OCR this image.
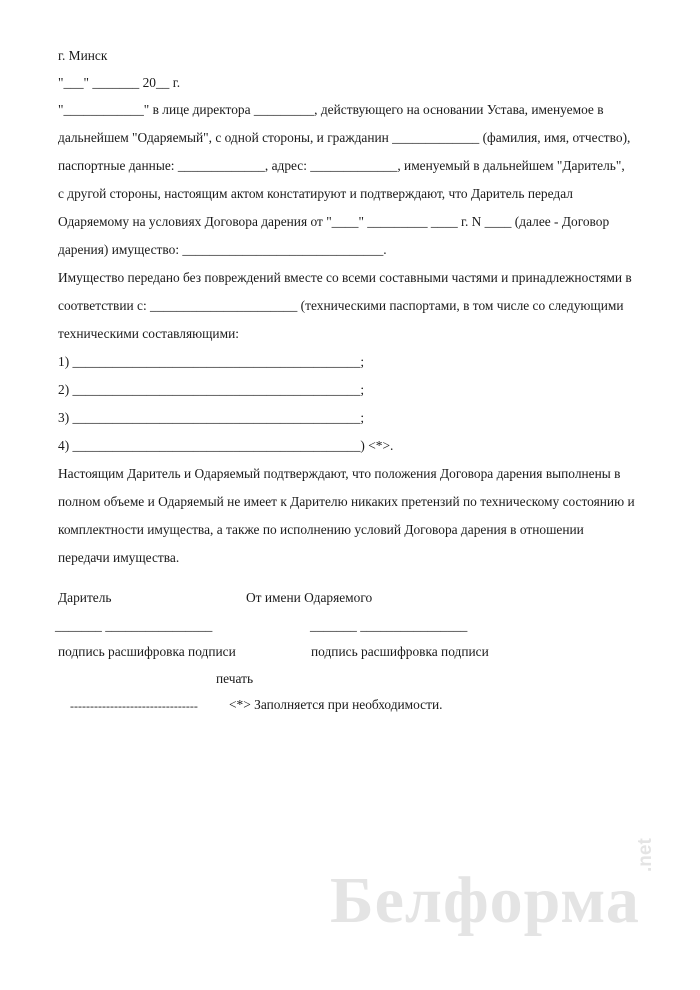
г. Минск
"___" _______ 20__ г.
"____________" в лице директора _________, действующего на основании Устава, именуемое в
дальнейшем "Одаряемый", с одной стороны, и гражданин _____________ (фамилия, имя, отчество),
паспортные данные: _____________, адрес: _____________, именуемый в дальнейшем "Даритель",
с другой стороны, настоящим актом констатируют и подтверждают, что Даритель передал
Одаряемому на условиях Договора дарения от "____" _________ ____ г. N ____ (далее - Договор
дарения) имущество: ______________________________.
Имущество передано без повреждений вместе со всеми составными частями и принадлежностями в
соответствии с: ______________________ (техническими паспортами, в том числе со следующими
техническими составляющими:
1) ___________________________________________;
2) ___________________________________________;
3) ___________________________________________;
4) ___________________________________________) <*>.
Настоящим Даритель и Одаряемый подтверждают, что положения Договора дарения выполнены в
полном объеме и Одаряемый не имеет к Дарителю никаких претензий по техническому состоянию и
комплектности имущества, а также по исполнению условий Договора дарения в отношении
передачи имущества.
Даритель	От имени Одаряемого
_______ ________________	_______ ________________
подпись расшифровка подписи	подпись расшифровка подписи
печать
-------------------------------- <*> Заполняется при необходимости.
Белформа
.net
